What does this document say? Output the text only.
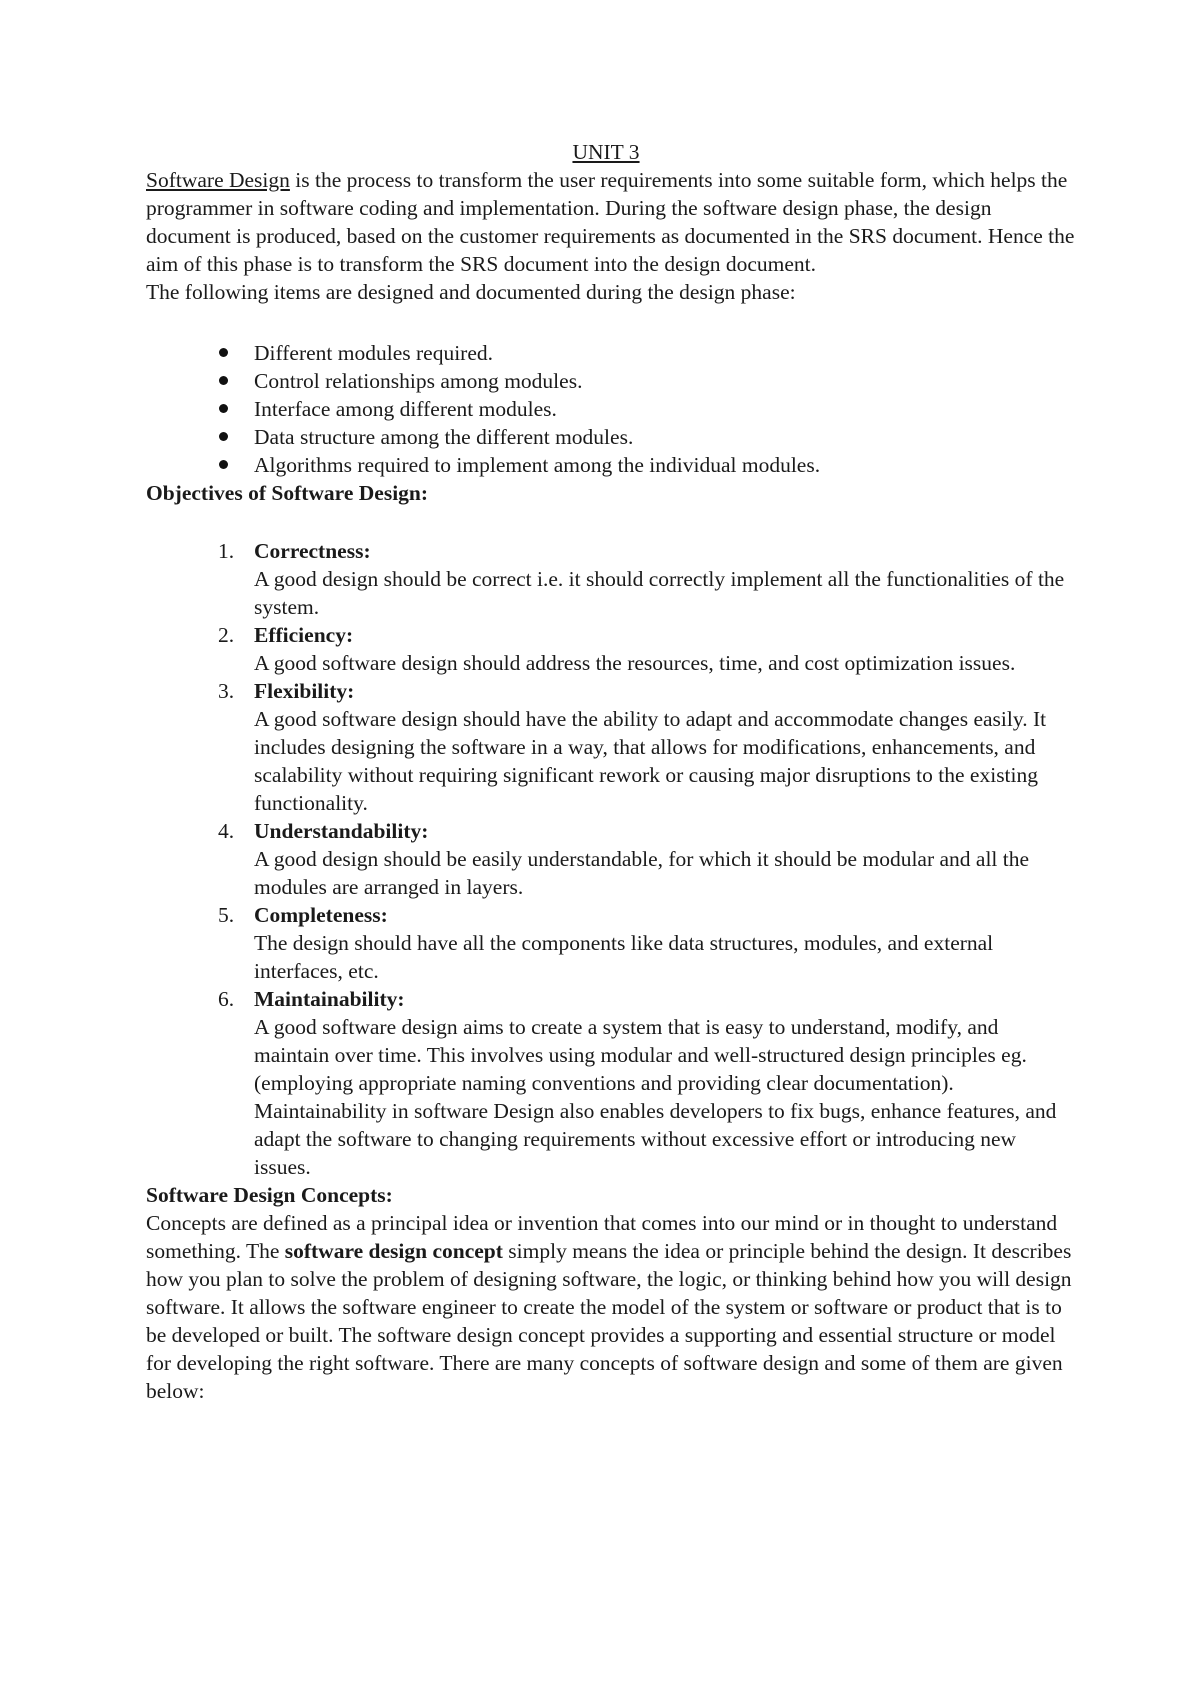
UNIT 3

Software Design is the process to transform the user requirements into some suitable form, which helps the programmer in software coding and implementation. During the software design phase, the design document is produced, based on the customer requirements as documented in the SRS document. Hence the aim of this phase is to transform the SRS document into the design document.

The following items are designed and documented during the design phase:

Different modules required.
Control relationships among modules.
Interface among different modules.
Data structure among the different modules.
Algorithms required to implement among the individual modules.
Objectives of Software Design:
1. Correctness:
A good design should be correct i.e. it should correctly implement all the functionalities of the system.
2. Efficiency:
A good software design should address the resources, time, and cost optimization issues.
3. Flexibility:
A good software design should have the ability to adapt and accommodate changes easily. It includes designing the software in a way, that allows for modifications, enhancements, and scalability without requiring significant rework or causing major disruptions to the existing functionality.
4. Understandability:
A good design should be easily understandable, for which it should be modular and all the modules are arranged in layers.
5. Completeness:
The design should have all the components like data structures, modules, and external interfaces, etc.
6. Maintainability:
A good software design aims to create a system that is easy to understand, modify, and maintain over time. This involves using modular and well-structured design principles eg.(employing appropriate naming conventions and providing clear documentation). Maintainability in software Design also enables developers to fix bugs, enhance features, and adapt the software to changing requirements without excessive effort or introducing new issues.
Software Design Concepts:

Concepts are defined as a principal idea or invention that comes into our mind or in thought to understand something. The software design concept simply means the idea or principle behind the design. It describes how you plan to solve the problem of designing software, the logic, or thinking behind how you will design software. It allows the software engineer to create the model of the system or software or product that is to be developed or built. The software design concept provides a supporting and essential structure or model for developing the right software. There are many concepts of software design and some of them are given below:
